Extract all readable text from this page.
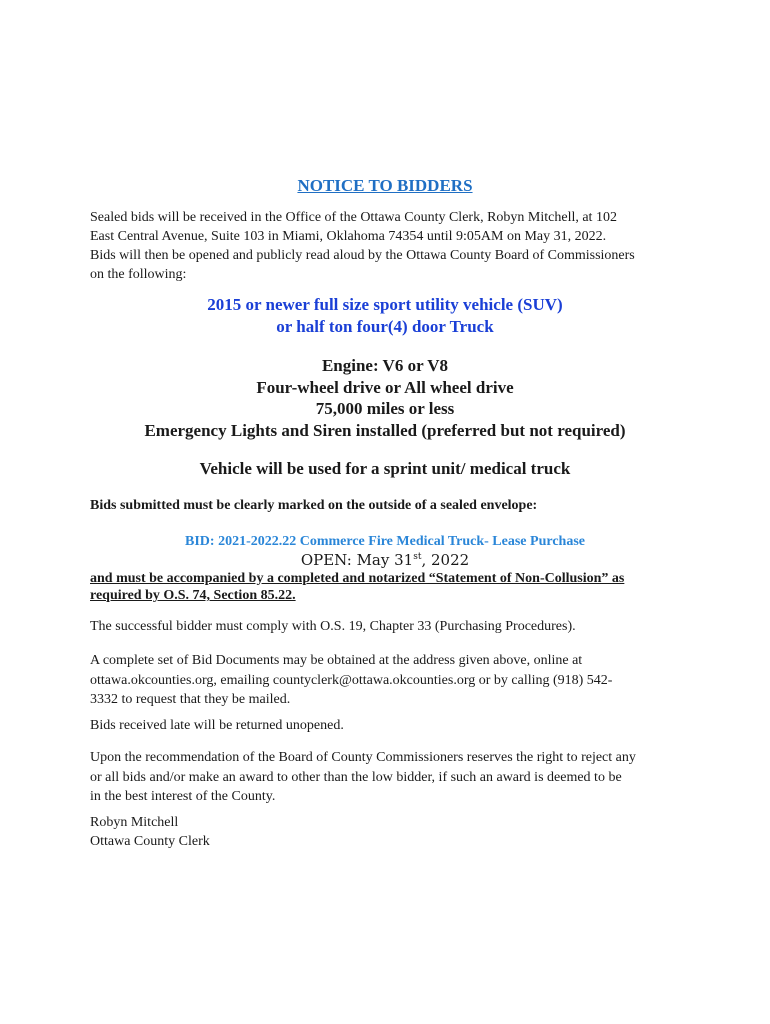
NOTICE TO BIDDERS
Sealed bids will be received in the Office of the Ottawa County Clerk, Robyn Mitchell, at 102
East Central Avenue, Suite 103 in Miami, Oklahoma 74354 until 9:05AM on May 31, 2022.
Bids will then be opened and publicly read aloud by the Ottawa County Board of Commissioners
on the following:
2015 or newer full size sport utility vehicle (SUV)
or half ton four(4) door Truck
Engine: V6 or V8
Four-wheel drive or All wheel drive
75,000 miles or less
Emergency Lights and Siren installed (preferred but not required)
Vehicle will be used for a sprint unit/ medical truck
Bids submitted must be clearly marked on the outside of a sealed envelope:
BID: 2021-2022.22 Commerce Fire Medical Truck- Lease Purchase
OPEN: May 31st, 2022
and must be accompanied by a completed and notarized “Statement of Non-Collusion” as
required by O.S. 74, Section 85.22.
The successful bidder must comply with O.S. 19, Chapter 33 (Purchasing Procedures).
A complete set of Bid Documents may be obtained at the address given above, online at
ottawa.okcounties.org, emailing countyclerk@ottawa.okcounties.org or by calling (918) 542-
3332 to request that they be mailed.
Bids received late will be returned unopened.
Upon the recommendation of the Board of County Commissioners reserves the right to reject any
or all bids and/or make an award to other than the low bidder, if such an award is deemed to be
in the best interest of the County.
Robyn Mitchell
Ottawa County Clerk
